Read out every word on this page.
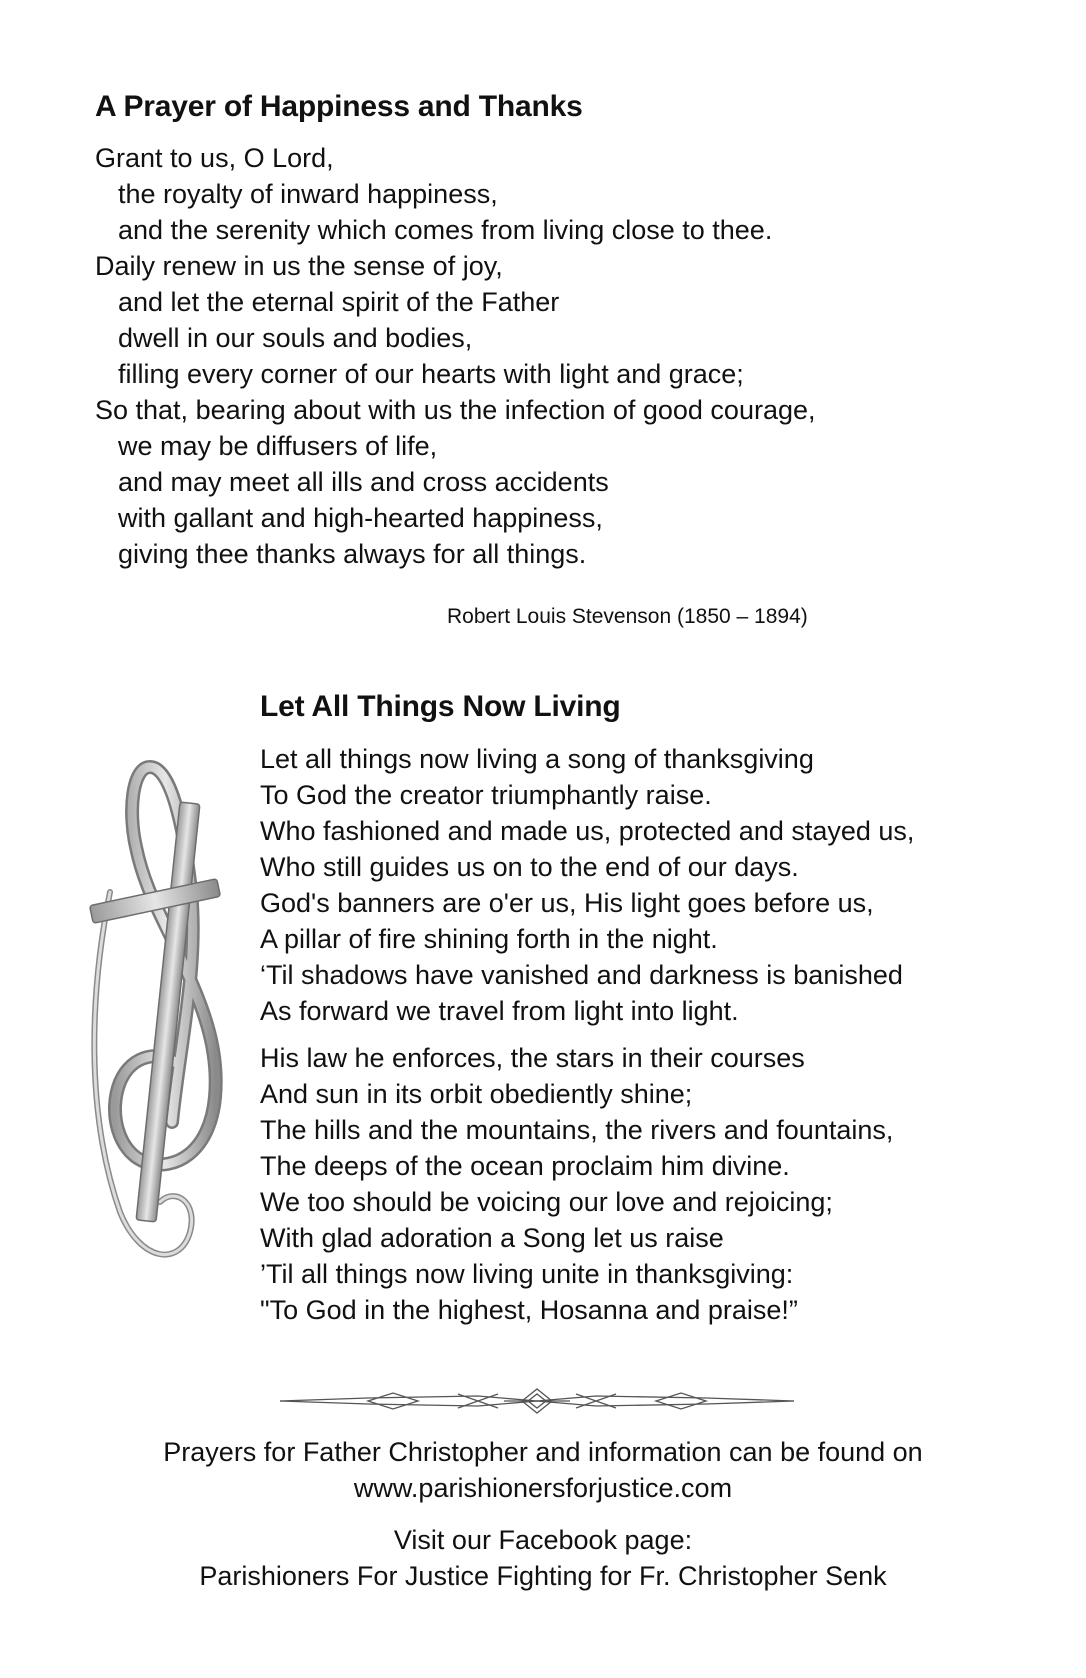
A Prayer of Happiness and Thanks
Grant to us, O Lord,
the royalty of inward happiness,
and the serenity which comes from living close to thee.
Daily renew in us the sense of joy,
and let the eternal spirit of the Father
dwell in our souls and bodies,
filling every corner of our hearts with light and grace;
So that, bearing about with us the infection of good courage,
we may be diffusers of life,
and may meet all ills and cross accidents
with gallant and high-hearted happiness,
giving thee thanks always for all things.
Robert Louis Stevenson (1850 – 1894)
Let All Things Now Living
Let all things now living a song of thanksgiving
To God the creator triumphantly raise.
Who fashioned and made us, protected and stayed us,
Who still guides us on to the end of our days.
God's banners are o'er us, His light goes before us,
A pillar of fire shining forth in the night.
‘Til shadows have vanished and darkness is banished
As forward we travel from light into light.
His law he enforces, the stars in their courses
And sun in its orbit obediently shine;
The hills and the mountains, the rivers and fountains,
The deeps of the ocean proclaim him divine.
We too should be voicing our love and rejoicing;
With glad adoration a Song let us raise
’Til all things now living unite in thanksgiving:
"To God in the highest, Hosanna and praise!”
Prayers for Father Christopher and information can be found on
www.parishionersforjustice.com
Visit our Facebook page:
Parishioners For Justice Fighting for Fr. Christopher Senk
